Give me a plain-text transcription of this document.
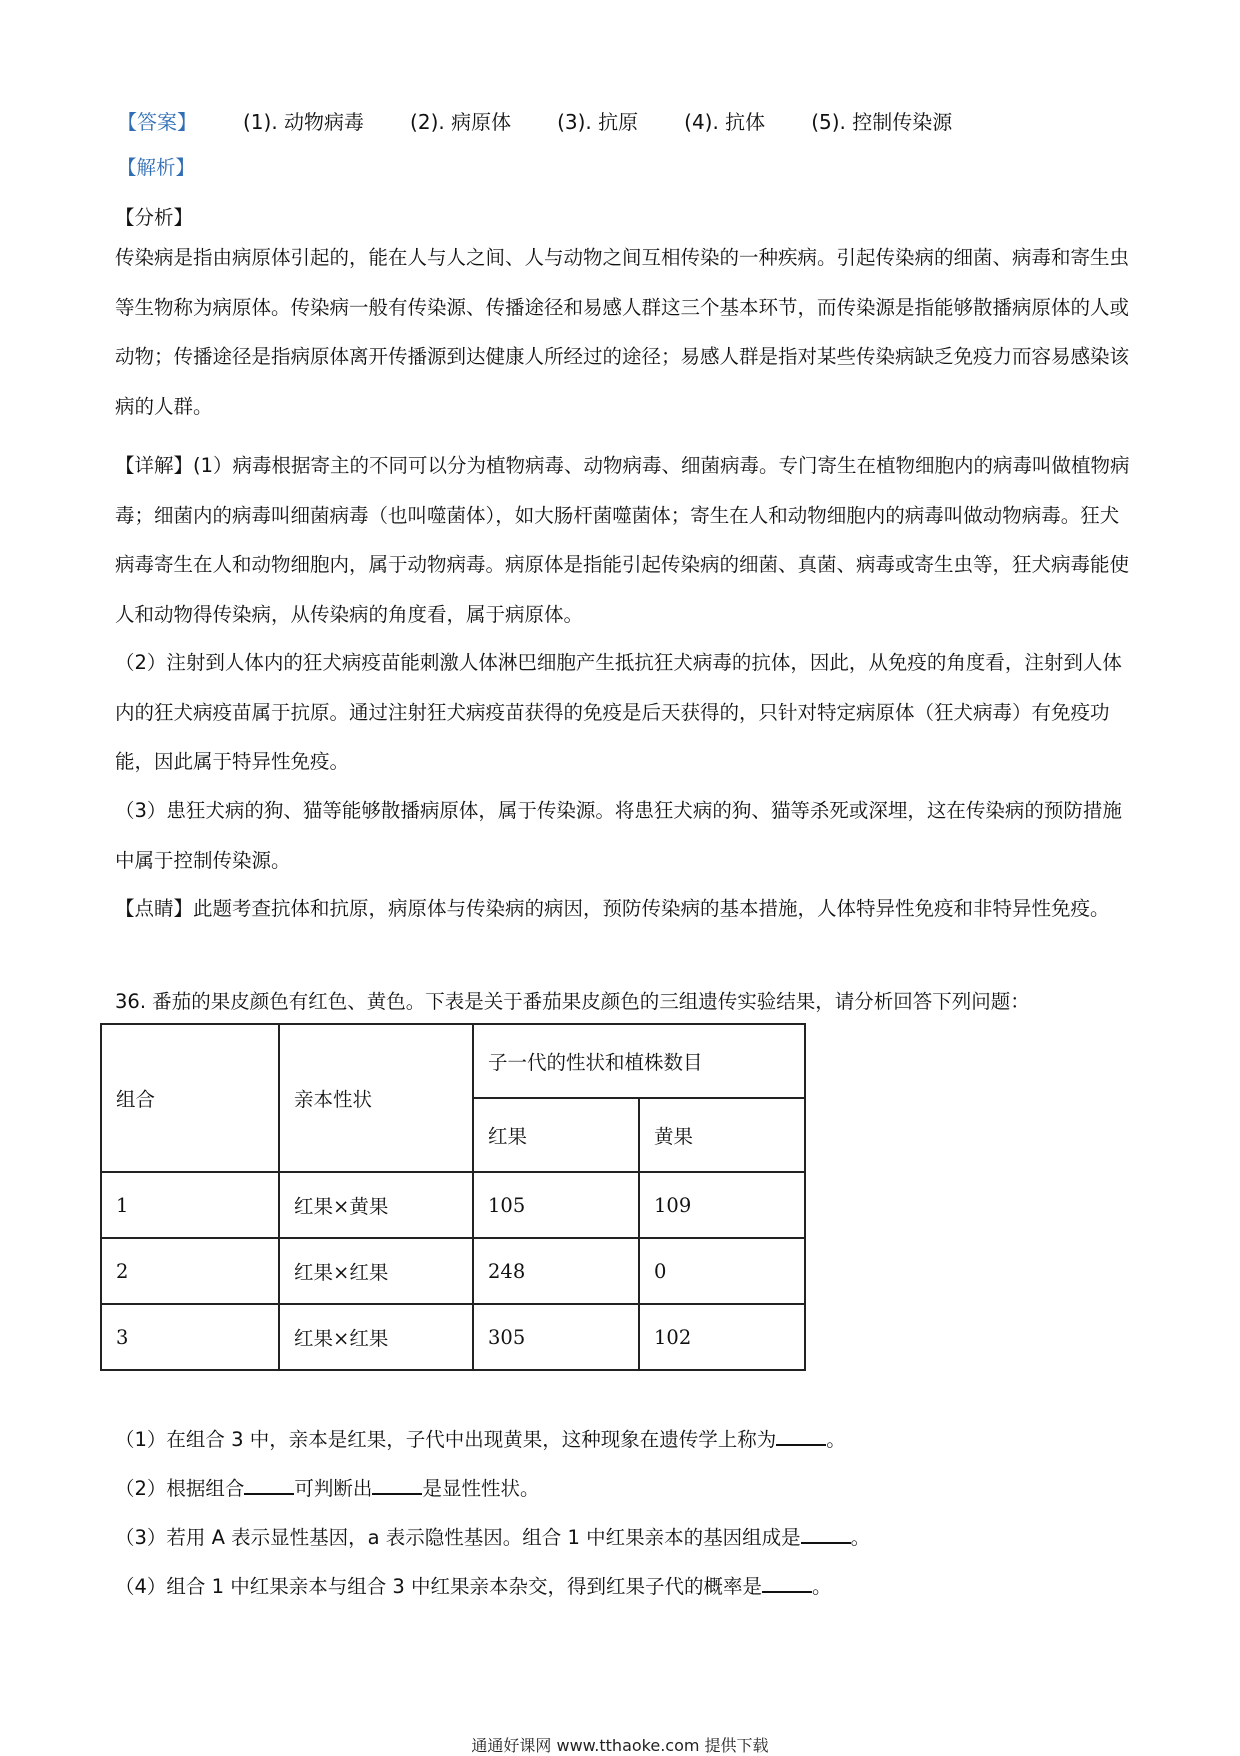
【答案】 (1). 动物病毒 (2). 病原体 (3). 抗原 (4). 抗体 (5). 控制传染源
【解析】
【分析】
传染病是指由病原体引起的，能在人与人之间、人与动物之间互相传染的一种疾病。引起传染病的细菌、病毒和寄生虫等生物称为病原体。传染病一般有传染源、传播途径和易感人群这三个基本环节，而传染源是指能够散播病原体的人或动物；传播途径是指病原体离开传播源到达健康人所经过的途径；易感人群是指对某些传染病缺乏免疫力而容易感染该病的人群。
【详解】(1）病毒根据寄主的不同可以分为植物病毒、动物病毒、细菌病毒。专门寄生在植物细胞内的病毒叫做植物病毒；细菌内的病毒叫细菌病毒（也叫噬菌体），如大肠杆菌噬菌体；寄生在人和动物细胞内的病毒叫做动物病毒。狂犬病毒寄生在人和动物细胞内，属于动物病毒。病原体是指能引起传染病的细菌、真菌、病毒或寄生虫等，狂犬病毒能使人和动物得传染病，从传染病的角度看，属于病原体。
（2）注射到人体内的狂犬病疫苗能刺激人体淋巴细胞产生抵抗狂犬病毒的抗体，因此，从免疫的角度看，注射到人体内的狂犬病疫苗属于抗原。通过注射狂犬病疫苗获得的免疫是后天获得的，只针对特定病原体（狂犬病毒）有免疫功能，因此属于特异性免疫。
（3）患狂犬病的狗、猫等能够散播病原体，属于传染源。将患狂犬病的狗、猫等杀死或深埋，这在传染病的预防措施中属于控制传染源。
【点睛】此题考查抗体和抗原，病原体与传染病的病因，预防传染病的基本措施，人体特异性免疫和非特异性免疫。
36. 番茄的果皮颜色有红色、黄色。下表是关于番茄果皮颜色的三组遗传实验结果，请分析回答下列问题：
组合	亲本性状	子一代的性状和植株数目	
		红果	黄果
1	红果×黄果	105	109
2	红果×红果	248	0
3	红果×红果	305	102
（1）在组合 3 中，亲本是红果，子代中出现黄果，这种现象在遗传学上称为	。
（2）根据组合	可判断出	是显性性状。
（3）若用 A 表示显性基因，a 表示隐性基因。组合 1 中红果亲本的基因组成是	。
（4）组合 1 中红果亲本与组合 3 中红果亲本杂交，得到红果子代的概率是	。
通通好课网 www.tthaoke.com 提供下载
